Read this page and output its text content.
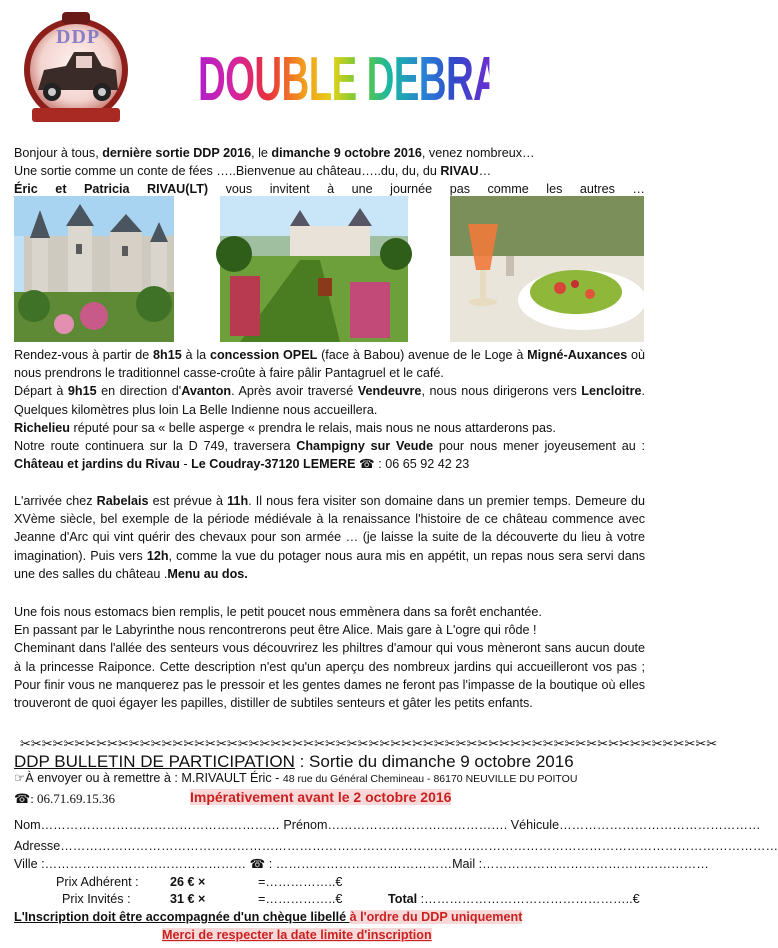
DDP
DOUBLE DEBRAYAGE PICTAVE

Bonjour à tous, dernière sortie DDP 2016, le dimanche 9 octobre 2016, venez nombreux…

Une sortie comme un conte de fées …..Bienvenue au château…..du, du, du RIVAU…

Éric et Patricia RIVAU(LT) vous invitent à une journée pas comme les autres …

Rendez-vous à partir de 8h15 à la concession OPEL (face à Babou) avenue de le Loge à Migné-Auxances où nous prendrons le traditionnel casse-croûte à faire pâlir Pantagruel et le café.

Départ à 9h15 en direction d'Avanton. Après avoir traversé Vendeuvre, nous nous dirigerons vers Lencloitre. Quelques kilomètres plus loin La Belle Indienne nous accueillera.

Richelieu réputé pour sa « belle asperge « prendra le relais, mais nous ne nous attarderons pas.

Notre route continuera sur la D 749, traversera Champigny sur Veude pour nous mener joyeusement au : Château et jardins du Rivau - Le Coudray-37120 LEMERE ☎ : 06 65 92 42 23

L'arrivée chez Rabelais est prévue à 11h. Il nous fera visiter son domaine dans un premier temps. Demeure du XVème siècle, bel exemple de la période médiévale à la renaissance l'histoire de ce château commence avec Jeanne d'Arc qui vint quérir des chevaux pour son armée … (je laisse la suite de la découverte du lieu à votre imagination). Puis vers 12h, comme la vue du potager nous aura mis en appétit, un repas nous sera servi dans une des salles du château .Menu au dos.

Une fois nous estomacs bien remplis, le petit poucet nous emmènera dans sa forêt enchantée.

En passant par le Labyrinthe nous rencontrerons peut être Alice. Mais gare à L'ogre qui rôde !

Cheminant dans l'allée des senteurs vous découvrirez les philtres d'amour qui vous mèneront sans aucun doute à la princesse Raiponce. Cette description n'est qu'un aperçu des nombreux jardins qui accueilleront vos pas ; Pour finir vous ne manquerez pas le pressoir et les gentes dames ne feront pas l'impasse de la boutique où elles trouveront de quoi égayer les papilles, distiller de subtiles senteurs et gâter les petits enfants.

✂✂✂✂✂✂✂✂✂✂✂✂✂✂✂✂✂✂✂✂✂✂✂✂✂✂✂✂✂✂✂✂✂✂✂✂✂✂✂✂✂✂✂✂✂✂✂✂✂✂✂✂✂✂✂✂✂✂✂✂✂✂✂✂
DDP BULLETIN DE PARTICIPATION : Sortie du dimanche 9 octobre 2016
☞À envoyer ou à remettre à : M.RIVAULT Éric - 48 rue du Général Chemineau - 86170 NEUVILLE DU POITOU
☎: 06.71.69.15.36	Impérativement avant le 2 octobre 2016
Nom………………………………………………… Prénom……………………………………. Véhicule…………………………………………
Adresse………………………………………………………………………………………………………………………………………………………
Ville :………………………………………… ☎ : ……………………………………Mail :………………………………………………
Prix Adhérent : 26 € ×	=……………..€
Prix Invités :	31 € ×	=……………..€	Total :…………………………………………..€
L'Inscription doit être accompagnée d'un chèque libellé à l'ordre du DDP uniquement
Merci de respecter la date limite d'inscription
